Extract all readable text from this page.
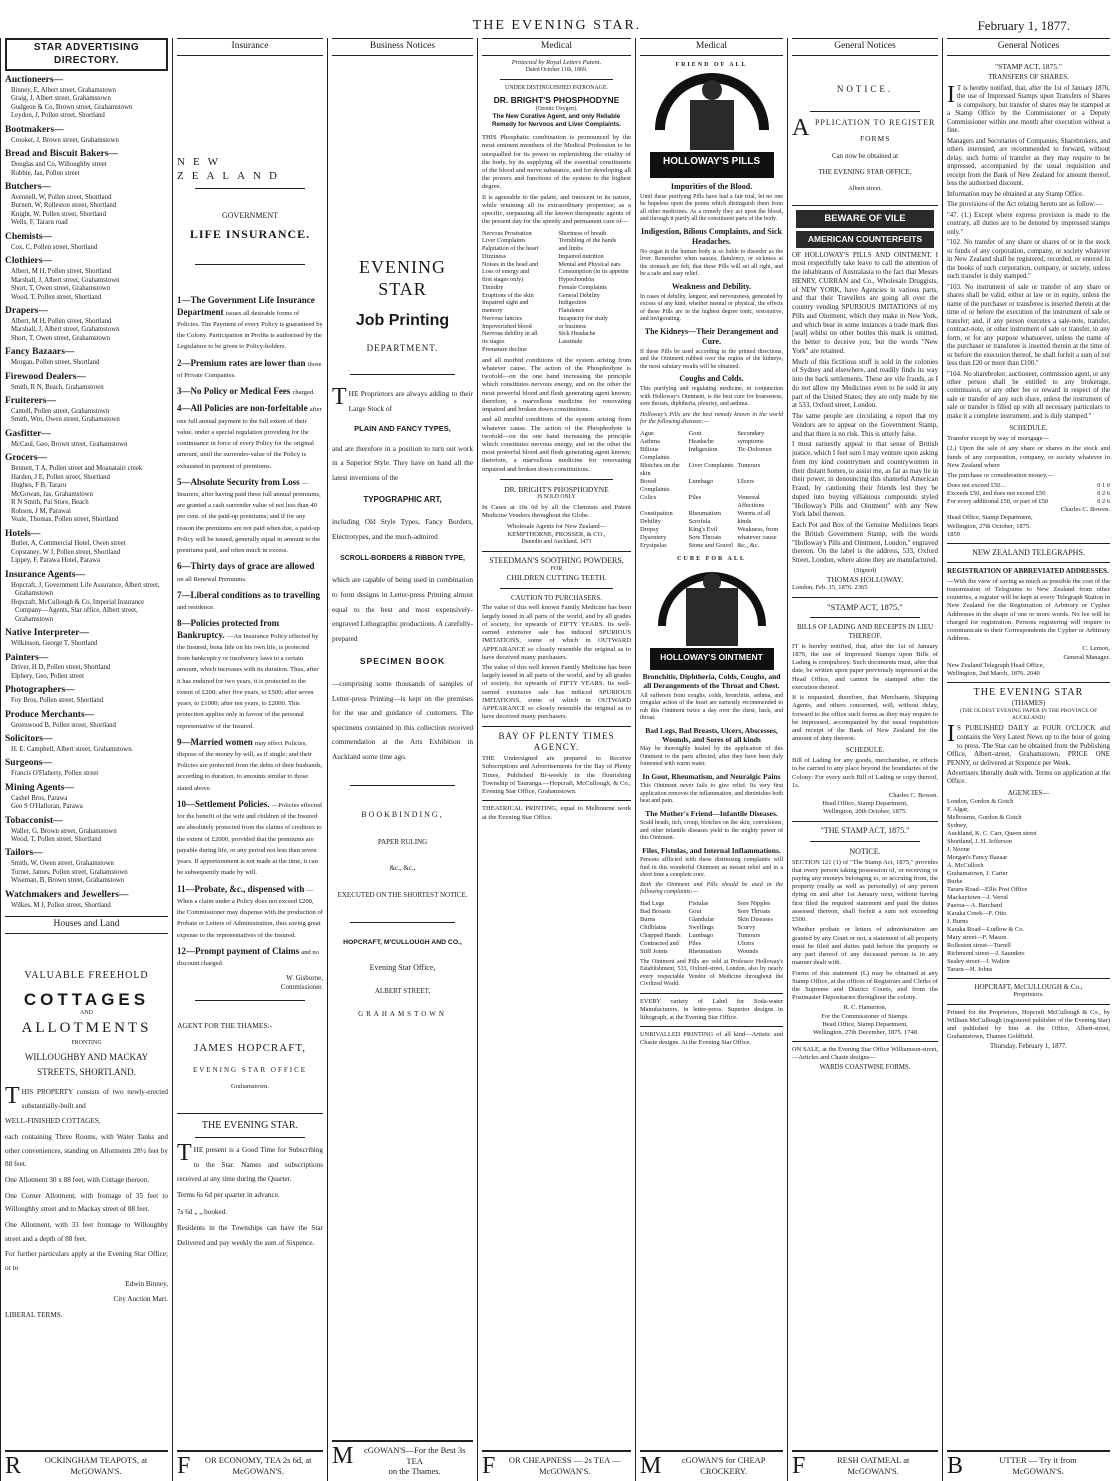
THE EVENING STAR.	February 1, 1877.
STAR ADVERTISING DIRECTORY.
Auctioneers—
Binney, E, Albert street, Grahamstown
Graig, J, Albert street, Grahamstown
Gudgeon & Co, Brown street, Grahamstown
Leydon, J, Pollen street, Shortland
Bootmakers—
Crooker, J, Brown street, Grahamstown
Bread and Biscuit Bakers—
Douglas and Co, Willoughby street
Robbie, Jas, Pollen street
Butchers—
Avennell, W, Pollen street, Shortland
Burnett, W, Rolleston street, Shortland
Knight, W, Pollen street, Shortland
Wells, F, Tararu road
Chemists—
Cox, C, Pollen street, Shortland
Clothiers—
Albert, M H, Pollen street, Shortland
Marshall, J, Albert street, Grahamstown
Short, T, Owen street, Grahamstown
Wood, T, Pollen street, Shortland
Drapers—
Albert, M H, Pollen street, Shortland
Marshall, J, Albert street, Grahamstown
Short, T, Owen street, Grahamstown
Fancy Bazaars—
Morgan, Pollen street, Shortland
Firewood Dealers—
Smith, R N, Beach, Grahamstown
Fruiterers—
Cantell, Pollen street, Grahamstown
Smith, Wm, Owen street, Grahamstown
Gasfitter—
McCaul, Geo, Brown street, Grahamstown
Grocers—
Bennett, T A, Pollen street and Moanatairi creek
Harden, J E, Pollen street, Shortland
Hughes, F B, Tararu
McGowan, Jas, Grahamstown
R N Smith, Pai Store, Beach
Robson, J M, Parawai
Veale, Thomas, Pollen street, Shortland
Hotels—
Butler, A, Commercial Hotel, Owen street
Copstaney, W J, Pollen street, Shortland
Lippey, F, Parawa Hotel, Parawa
Insurance Agents—
Hopcraft, J, Government Life Assurance, Albert street, Grahamstown
Hopcraft, McCullough & Co, Imperial Insurance Company—Agents, Star office, Albert street, Grahamstown
Native Interpreter—
Wilkinson, George T, Shortland
Painters—
Driver, H D, Pollen street, Shortland
Elphery, Geo, Pollen street
Photographers—
Foy Bros, Pollen street, Shortland
Produce Merchants—
Greenwood B, Pollen street, Shortland
Solicitors—
H. E. Campbell, Albert street, Grahamstown.
Surgeons—
Francis O'Flaherty, Pollen street
Mining Agents—
Cashel Bros, Parawa
Geo S O'Halloran, Parawa
Tobacconist—
Waller, G, Brown street, Grahamstown
Wood, T, Pollen street, Shortland
Tailors—
Smith, W, Owen street, Grahamstown
Turner, James, Pollen street, Grahamstown
Wiseman, B, Brown street, Grahamstown
Watchmakers and Jewellers—
Wilkes, M J, Pollen street, Shortland
Houses and Land
VALUABLE FREEHOLD
COTTAGES
AND
ALLOTMENTS
FRONTING
WILLOUGHBY AND MACKAY
STREETS, SHORTLAND.
THIS PROPERTY consists of two newly-erected substantially-built and
WELL-FINISHED COTTAGES,
each containing Three Rooms, with Water Tanks and other conveniences, standing on Allotments 28½ feet by 88 feet.
One Allotment 30 x 88 feet, with Cottage thereon.
One Corner Allotment, with frontage of 35 feet to Willoughby street and to Mackay street of 88 feet.
One Allotment, with 33 feet frontage to Willoughby street and a depth of 88 feet.
For further particulars apply at the Evening Star Office; or to
Edwin Binney,
City Auction Mart.
LIBERAL TERMS.
R	OCKINGHAM TEAPOTS, at
McGOWAN'S.
Insurance
NEW ZEALAND
GOVERNMENT
LIFE INSURANCE.
1—The Government Life Insurance Department issues all desirable forms of Policies. The Payment of every Policy is guaranteed by the Colony. Participation in Profits is authorised by the Legislature to be given to Policy-holders.
2—Premium rates are lower than those of Private Companies.
3—No Policy or Medical Fees charged.
4—All Policies are non-forfeitable after one full annual payment to the full extent of their value, under a special regulation providing for the continuance in force of every Policy for the original amount, until the surrender-value of the Policy is exhausted in payment of premiums.
5—Absolute Security from Loss —Insurers, after having paid three full annual premiums, are granted a cash surrender value of not less than 40 per cent. of the paid-up premiums; and if for any reason the premiums are not paid when due, a paid-up Policy will be issued, generally equal in amount to the premiums paid, and often much in excess.
6—Thirty days of grace are allowed on all Renewal Premiums.
7—Liberal conditions as to travelling and residence.
8—Policies protected from Bankruptcy. —An Insurance Policy effected by the Insured, bona fide on his own life, is protected from bankruptcy or insolvency laws to a certain amount, which increases with its duration. Thus, after it has endured for two years, it is protected to the extent of £200; after five years, to £500; after seven years, to £1000; after ten years, to £2000. This protection applies only in favour of the personal representative of the Insured.
9—Married women may effect Policies, dispose of the money by will, as if single; and their Policies are protected from the debts of their husbands, according to duration, to amounts similar to those stated above.
10—Settlement Policies. —Policies effected for the benefit of the wife and children of the Insured are absolutely protected from the claims of creditors to the extent of £2000, provided that the premiums are payable during life, or any period not less than seven years. If apportionment is not made at the time, it can be subsequently made by will.
11—Probate, &c., dispensed with —When a claim under a Policy does not exceed £200, the Commissioner may dispense with the production of Probate or Letters of Administration, thus saving great expense to the representatives of the Insured.
12—Prompt payment of Claims and no discount charged.
W. Gisborne,
Commissioner.
AGENT FOR THE THAMES:-
JAMES HOPCRAFT,
EVENING STAR OFFICE
Grahamstown.
THE EVENING STAR.
THE present is a Good Time for Subscribing to the Star. Names and subscriptions received at any time during the Quarter.
Terms 6s 6d per quarter in advance.
7s 6d „ „ booked.
Residents in the Townships can have the Star Delivered and pay weekly the sum of Sixpence.
F OR ECONOMY, TEA 2s 6d, at
McGOWAN'S.
Business Notices
EVENING STAR
Job Printing
DEPARTMENT.
THE Proprietors are always adding to their Large Stock of
PLAIN AND FANCY TYPES,
and are therefore in a position to turn out work in a Superior Style. They have on hand all the latest inventions of the
TYPOGRAPHIC ART,
including Old Style Types, Fancy Borders, Electrotypes, and the much-admired
SCROLL-BORDERS & RIBBON TYPE,
which are capable of being used in combination to form designs in Letter-press Printing almost equal to the best and most expensively-engraved Lithographic productions. A carefully-prepared
SPECIMEN BOOK
—comprising some thousands of samples of Letter-press Printing—is kept on the premises for the use and guidance of customers. The specimens contained in this collection received commendation at the Arts Exhibition in Auckland some time ago.
BOOKBINDING,
PAPER RULING
&c., &c.,
EXECUTED ON THE SHORTEST NOTICE.
HOPCRAFT, M'CULLOUGH AND CO.,
Evening Star Office,
ALBERT STREET,
GRAHAMSTOWN
M cGOWAN'S—For the Best 3s TEA
on the Thames.
Medical
Protected by Royal Letters Patent.
Dated October 11th, 1869.
UNDER DISTINGUISHED PATRONAGE.
DR. BRIGHT'S PHOSPHODYNE
(Ozonic Oxygen).
The New Curative Agent, and only Reliable Remedy for Nervous and Liver Complaints.
THIS Phosphatic combination is pronounced by the most eminent members of the Medical Profession to be unequalled for its power in replenishing the vitality of the body, by its supplying all the essential constituents of the blood and nerve substance, and for developing all the powers and functions of the system to the highest degree.
It is agreeable to the palate, and innocent in its nature, while retaining all its extraordinary properties; as a specific, surpassing all the known therapeutic agents of the present day for the speedy and permanent cure of—
Nervous Prostration	Shortness of breath
Liver Complaints	Trembling of the hands
Palpitation of the heart	and limbs
Dizziness	Impaired nutrition
Noises in the head and	Mental and Physical ears
Loss of energy and	Consumption (in its appetite
first stages only)	Hypochondria
Timidity	Female Complaints
Eruptions of the skin	General Debility
Impaired sight and	Indigestion
memory	Flatulence
Nervous fancies	Incapacity for study
Impoverished blood	or business
Nervous debility in all	Sick Headache
its stages	Lassitude
Premature decline
and all morbid conditions of the system arising from whatever cause. The action of the Phosphodyne is twofold—on the one hand increasing the principle which constitutes nervous energy, and on the other the most powerful blood and flesh generating agent known; therefore, a marvellous medicine for renovating impaired and broken down constitutions.
and all morbid conditions of the system arising from whatever cause. The action of the Phosphodyne is twofold—on the one hand increasing the principle which constitutes nervous energy, and on the other the most powerful blood and flesh generating agent known; therefore, a marvellous medicine for renovating impaired and broken down constitutions.
DR. BRIGHT'S PHOSPHODYNE
IS SOLD ONLY
In Cases at 10s 6d by all the Chemists and Patent Medicine Vendors throughout the Globe.
Wholesale Agents for New Zealand—
KEMPTHORNE, PROSSER, & CO.,
Dunedin and Auckland. 1471
STEEDMAN'S SOOTHING POWDERS,
FOR
CHILDREN CUTTING TEETH.
CAUTION TO PURCHASERS.
The value of this well known Family Medicine has been largely tested in all parts of the world, and by all grades of society, for upwards of FIFTY YEARS. Its well-earned extensive sale has induced SPURIOUS IMITATIONS, some of which in OUTWARD APPEARANCE so closely resemble the original as to have deceived many purchasers.
The value of this well known Family Medicine has been largely tested in all parts of the world, and by all grades of society, for upwards of FIFTY YEARS. Its well-earned extensive sale has induced SPURIOUS IMITATIONS, some of which in OUTWARD APPEARANCE so closely resemble the original as to have deceived many purchasers.
BAY OF PLENTY TIMES AGENCY.
THE Undersigned are prepared to Receive Subscriptions and Advertisements for the Bay of Plenty Times, Published Bi-weekly in the flourishing Township of Tauranga.—Hopcraft, McCullough, & Co., Evening Star Office, Grahamstown.
THEATRICAL PRINTING, equal to Melbourne work at the Evening Star Office.
F OR CHEAPNESS — 2s TEA —
McGOWAN'S.
Medical
FRIEND OF ALL
HOLLOWAY'S PILLS
Impurities of the Blood.
Until these purifying Pills have had a fair trial, let no one be hopeless upon the points which distinguish them from all other medicines. As a remedy they act upon the blood, and through it purify all the constituent parts of the body.
Indigestion, Bilious Complaints, and Sick Headaches.
No organ in the human body is so liable to disorder as the liver. Remember when nausea, flatulency, or sickness at the stomach are felt, that these Pills will set all right, and be a safe and easy relief.
Weakness and Debility.
In cases of debility, languor, and nervousness, generated by excess of any kind, whether mental or physical, the effects of these Pills are in the highest degree tonic, restorative, and invigorating.
The Kidneys—Their Derangement and Cure.
If these Pills be used according to the printed directions, and the Ointment rubbed over the region of the kidneys, the most salutary results will be obtained.
Coughs and Colds.
This purifying and regulating medicine, in conjunction with Holloway's Ointment, is the best cure for hoarseness, sore throats, diphtheria, pleurisy, and asthma.
Holloway's Pills are the best remedy known in the world for the following diseases:—
Ague	Gout	Secondary
Asthma	Headache	symptoms
Bilious Complaints
Indigestion	Tic-Doloreux
Blotches on the skin
Liver Complaints Tumours
Bowel Complaints
Lumbago	Ulcers
Colics	Piles	Venereal Affections
Constipation	Rheumatism	Worms of all
Debility	Scrofula	kinds
Dropsy	King's Evil	Weakness, from
Dysentery	Sore Throats	whatever cause
Erysipelas	Stone and Gravel &c., &c.
CURE FOR ALL
HOLLOWAY'S OINTMENT
Bronchitis, Diphtheria, Colds, Coughs, and all Derangements of the Throat and Chest.
All sufferers from coughs, colds, bronchitis, asthma, and irregular action of the heart are earnestly recommended to rub this Ointment twice a day over the chest, back, and throat.
Bad Legs, Bad Breasts, Ulcers, Abscesses, Wounds, and Sores of all kinds
May be thoroughly healed by the application of this Ointment to the parts affected, after they have been duly fomented with warm water.
In Gout, Rheumatism, and Neuralgic Pains
This Ointment never fails to give relief. Its very first application removes the inflammation, and diminishes both heat and pain.
The Mother's Friend—Infantile Diseases.
Scald heads, itch, croup, blotches on the skin, convulsions, and other infantile diseases yield to the mighty power of this Ointment.
Files, Fistulas, and Internal Inflammations.
Persons afflicted with these distressing complaints will find in this wonderful Ointment an instant relief and in a short time a complete cure.
Both the Ointment and Pills should be used in the following complaints:—
Bad Legs	Fistulas	Sore Nipples
Bad Breasts	Gout	Sore Throats
Burns	Glandular	Skin Diseases
Chilblains	Swellings	Scurvy
Chapped Hands	Lumbago	Tumours
Contracted and	Piles	Ulcers
Stiff Joints	Rheumatism	Wounds
The Ointment and Pills are sold at Professor Holloway's Establishment, 533, Oxford-street, London, also by nearly every respectable Vendor of Medicine throughout the Civilized World.
EVERY variety of Label for Soda-water Manufacturers, in letter-press. Superior designs in lithograph, at the Evening Star Office.
UNRIVALLED PRINTING of all kind—Artistic and Chaste designs. At the Evening Star Office.
M cGOWAN'S for CHEAP
CROCKERY.
General Notices
NOTICE.
APPLICATION TO REGISTER
FORMS
Can now be obtained at
THE EVENING STAR OFFICE,
Albert street.
BEWARE OF VILE
AMERICAN COUNTERFEITS
OF HOLLOWAY'S PILLS AND OINTMENT. I most respectfully take leave to call the attention of the inhabitants of Australasia to the fact that Messrs HENRY, CURRAN and Co., Wholesale Druggists, of NEW YORK, have Agencies in various parts, and that their Travellers are going all over the country vending SPURIOUS IMITATIONS of my Pills and Ointment, which they make in New York, and which bear in some instances a trade mark thus [seal] whilst on other bottles this mark is omitted, the better to deceive you, but the words "New York" are retained.
Much of this fictitious stuff is sold in the colonies of Sydney and elsewhere, and readily finds its way into the back settlements. These are vile frauds, as I do not allow my Medicines even to be sold in any part of the United States; they are only made by me at 533, Oxford street, London.
The same people are circulating a report that my Vendors are to appear on the Government Stamp, and that there is no risk. This is utterly false.
I most earnestly appeal to that sense of British justice, which I feel sure I may venture upon asking from my kind countrymen and countrywomen in their distant homes, to assist me, as far as may lie in their power, in denouncing this shameful American Fraud, by cautioning their friends lest they be duped into buying villainous compounds styled "Holloway's Pills and Ointment" with any New York label thereon.
Each Pot and Box of the Genuine Medicines bears the British Government Stamp, with the words "Holloway's Pills and Ointment, London," engraved thereon. On the label is the address, 533, Oxford Street, London, where alone they are manufactured.
(Signed)
THOMAS HOLLOWAY.
London, Feb. 15, 1876. 2365
"STAMP ACT, 1875."
BILLS OF LADING AND RECEIPTS IN LIEU THEREOF.
IT is hereby notified, that, after the 1st of January 1876, the use of Impressed Stamps upon Bills of Lading is compulsory. Such documents must, after that date, be written upon paper previously impressed at the Head Office, and cannot be stamped after the execution thereof.
It is requested, therefore, that Merchants, Shipping Agents, and others concerned, will, without delay, forward to the office such forms as they may require to be impressed, accompanied by the usual requisition and receipt of the Bank of New Zealand for the amount of duty thereon.
SCHEDULE.
Bill of Lading for any goods, merchandise, or effects to be carried to any place beyond the boundaries of the Colony: For every such Bill of Lading or copy thereof, 1s.
Charles C. Bowen.
Head Office, Stamp Department,
Wellington, 20th October, 1875.
"THE STAMP ACT, 1875."
NOTICE.
SECTION 121 (1) of "The Stamp Act, 1875," provides that every person taking possession of, or receiving or paying any moneys belonging to, or accruing from, the property (really as well as personally) of any person dying on and after 1st January next, without having first filed the required statement and paid the duties assessed thereon, shall forfeit a sum not exceeding £500.
Whether probate or letters of administration are granted by any Court or not, a statement of all property must be filed and duties paid before the property or any part thereof of any deceased person is in any manner dealt with.
Forms of this statement (L) may be obtained at any Stamp Office, at the offices of Registrars and Clerks of the Supreme and District Courts, and from the Postmaster Depositaries throughout the colony.
R. C. Hamerton,
For the Commissioner of Stamps.
Head Office, Stamp Department,
Wellington, 27th December, 1875. 1748
ON SALE, at the Evening Star Office Williamson-street, —Articles and Chaste designs—
WARDS COASTWISE FORMS.
F	RESH OATMEAL at
McGOWAN'S.
General Notices
"STAMP ACT, 1875."
TRANSFERS OF SHARES.
IT is hereby notified, that, after the 1st of January 1876, the use of Impressed Stamps upon Transfers of Shares is compulsory, but transfer of shares may be stamped at a Stamp Office by the Commissioner or a Deputy Commissioner within one month after execution without a fine.
Managers and Secretaries of Companies, Sharebrokers, and others interested, are recommended to forward, without delay, such forms of transfer as they may require to be impressed, accompanied by the usual requisition and receipt from the Bank of New Zealand for amount thereof, less the authorised discount.
Information may be obtained at any Stamp Office.
The provisions of the Act relating hereto are as follow:—
"47. (1.) Except where express provision is made to the contrary, all duties are to be denoted by impressed stamps only."
"102. No transfer of any share or shares of or in the stock or funds of any corporation, company, or society whatever in New Zealand shall be registered, recorded, or entered in the books of such corporation, company, or society, unless such transfer is duly stamped."
"103. No instrument of sale or transfer of any share or shares shall be valid, either at law or in equity, unless the name of the purchaser or transferee is inserted therein at the time of or before the execution of the instrument of sale or transfer; and, if any person executes a sale-note, transfer, contract-note, or other instrument of sale or transfer, in any form, or for any purpose whatsoever, unless the name of the purchaser or transferee is inserted therein at the time of or before the execution thereof, he shall forfeit a sum of not less than £20 or more than £100."
"104. No sharebroker, auctioneer, commission agent, or any other person shall be entitled to any brokerage, commission, or any other fee or reward in respect of the sale or transfer of any such share, unless the instrument of sale or transfer is filled up with all necessary particulars to make it a complete instrument, and is duly stamped."
SCHEDULE.
Transfer except by way of mortgage—
(2.) Upon the sale of any share or shares in the stock and funds of any corporation, company, or society whatever in New Zealand where
The purchase or consideration money,—
Does not exceed £50...	0 1 0
Exceeds £50, and does not exceed £50	0 2 6
For every additional £50, or part of £50	0 2 6
Charles C. Bowen.
Head Office, Stamp Department,
Wellington, 27th October, 1875.
1859
NEW ZEALAND TELEGRAPHS.
REGISTRATION OF ABBREVIATED ADDRESSES.
—With the view of saving as much as possible the cost of the transmission of Telegrams to New Zealand from other countries, a register will be kept at every Telegraph Station in New Zealand for the Registration of Arbitrary or Cypher Addresses in the shape of one or more words. No fee will be charged for registration. Persons registering will require to communicate to their Correspondents the Cypher or Arbitrary Address.
C. Lemon,
General Manager.
New Zealand Telegraph Head Office,
Wellington, 2nd March, 1876. 2040
THE EVENING STAR
(THAMES)
(THE OLDEST EVENING PAPER IN THE PROVINCE OF AUCKLAND)
IS PUBLISHED DAILY at FOUR O'CLOCK and contains the Very Latest News up to the hour of going to press. The Star can be obtained from the Publishing Office, Albert-street, Grahamstown, PRICE ONE PENNY, or delivered at Sixpence per Week.
Advertisers liberally dealt with. Terms on application at the Office.
AGENCIES—
London, Gordon & Gotch
F. Algar,
Melbourne, Gordon & Gotch
Sydney,
Auckland, K. C. Carr, Queen street
Shortland, J. H. Jefferson
J. Noone
Morgan's Fancy Bazaar
A. McCulloch
Grahamstown, J. Carter
Burke
Tararu Road—Ellis Post Office
Mackaytown—J. Verral
Paeroa—A. Barchard
Karaka Creek—F. Otto
J. Burns
Karaka Road—Ludlow & Co.
Mary street—F. Mason
Rolleston street—Turrell
Richmond street—J. Saunders
Sealey street—J. Walton
Tararu—H. Johns
HOPCRAFT, McCULLOUGH & Co.,
Proprietors.
Printed for the Proprietors, Hopcraft McCullough & Co., by William McCullough (registered publisher of the Evening Star) and published by him at the Office, Albert-street, Grahamstown, Thames Goldfield.
Thursday, February 1, 1877.
B	UTTER — Try it from
McGOWAN'S.
